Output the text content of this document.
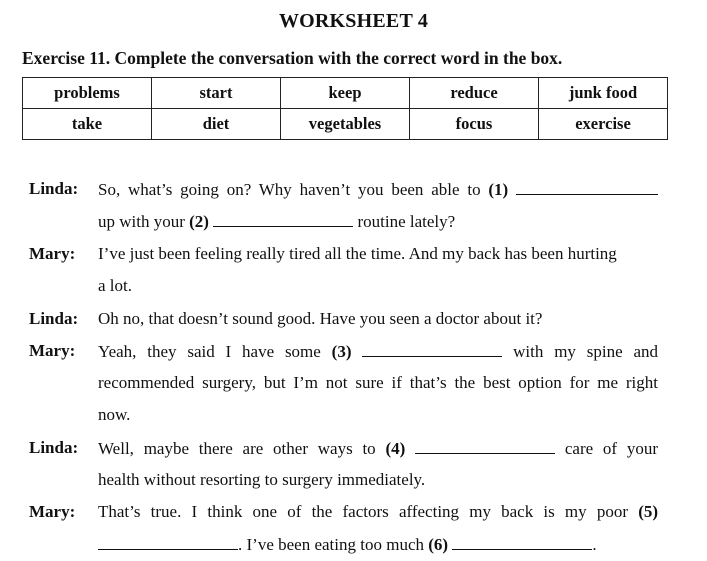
WORKSHEET 4
Exercise 11. Complete the conversation with the correct word in the box.
problems	start	keep	reduce	junk food
take	diet	vegetables	focus	exercise
Linda: So, what’s going on? Why haven’t you been able to (1)
up with your (2)	routine lately?
Mary: I’ve just been feeling really tired all the time. And my back has been hurting
a lot.
Linda: Oh no, that doesn’t sound good. Have you seen a doctor about it?
Mary: Yeah, they said I have some (3)	with my spine and
recommended surgery, but I’m not sure if that’s the best option for me right
now.
Linda: Well, maybe there are other ways to (4)	care of your
health without resorting to surgery immediately.
Mary: That’s true. I think one of the factors affecting my back is my poor (5)
. I’ve been eating too much (6)	.
